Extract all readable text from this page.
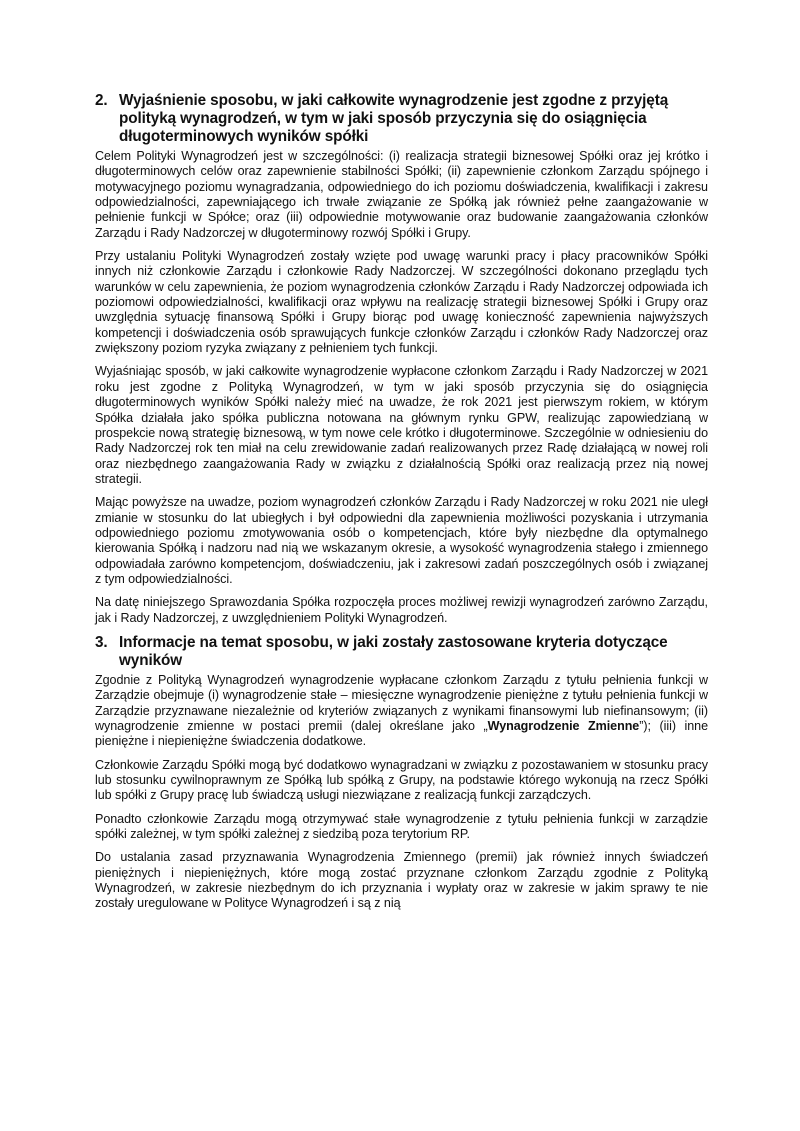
2. Wyjaśnienie sposobu, w jaki całkowite wynagrodzenie jest zgodne z przyjętą polityką wynagrodzeń, w tym w jaki sposób przyczynia się do osiągnięcia długoterminowych wyników spółki

Celem Polityki Wynagrodzeń jest w szczególności: (i) realizacja strategii biznesowej Spółki oraz jej krótko i długoterminowych celów oraz zapewnienie stabilności Spółki; (ii) zapewnienie członkom Zarządu spójnego i motywacyjnego poziomu wynagradzania, odpowiedniego do ich poziomu doświadczenia, kwalifikacji i zakresu odpowiedzialności, zapewniającego ich trwałe związanie ze Spółką jak również pełne zaangażowanie w pełnienie funkcji w Spółce; oraz (iii) odpowiednie motywowanie oraz budowanie zaangażowania członków Zarządu i Rady Nadzorczej w długoterminowy rozwój Spółki i Grupy.

Przy ustalaniu Polityki Wynagrodzeń zostały wzięte pod uwagę warunki pracy i płacy pracowników Spółki innych niż członkowie Zarządu i członkowie Rady Nadzorczej. W szczególności dokonano przeglądu tych warunków w celu zapewnienia, że poziom wynagrodzenia członków Zarządu i Rady Nadzorczej odpowiada ich poziomowi odpowiedzialności, kwalifikacji oraz wpływu na realizację strategii biznesowej Spółki i Grupy oraz uwzględnia sytuację finansową Spółki i Grupy biorąc pod uwagę konieczność zapewnienia najwyższych kompetencji i doświadczenia osób sprawujących funkcje członków Zarządu i członków Rady Nadzorczej oraz zwiększony poziom ryzyka związany z pełnieniem tych funkcji.

Wyjaśniając sposób, w jaki całkowite wynagrodzenie wypłacone członkom Zarządu i Rady Nadzorczej w 2021 roku jest zgodne z Polityką Wynagrodzeń, w tym w jaki sposób przyczynia się do osiągnięcia długoterminowych wyników Spółki należy mieć na uwadze, że rok 2021 jest pierwszym rokiem, w którym Spółka działała jako spółka publiczna notowana na głównym rynku GPW, realizując zapowiedzianą w prospekcie nową strategię biznesową, w tym nowe cele krótko i długoterminowe. Szczególnie w odniesieniu do Rady Nadzorczej rok ten miał na celu zrewidowanie zadań realizowanych przez Radę działającą w nowej roli oraz niezbędnego zaangażowania Rady w związku z działalnością Spółki oraz realizacją przez nią nowej strategii.

Mając powyższe na uwadze, poziom wynagrodzeń członków Zarządu i Rady Nadzorczej w roku 2021 nie uległ zmianie w stosunku do lat ubiegłych i był odpowiedni dla zapewnienia możliwości pozyskania i utrzymania odpowiedniego poziomu zmotywowania osób o kompetencjach, które były niezbędne dla optymalnego kierowania Spółką i nadzoru nad nią we wskazanym okresie, a wysokość wynagrodzenia stałego i zmiennego odpowiadała zarówno kompetencjom, doświadczeniu, jak i zakresowi zadań poszczególnych osób i związanej z tym odpowiedzialności.

Na datę niniejszego Sprawozdania Spółka rozpoczęła proces możliwej rewizji wynagrodzeń zarówno Zarządu, jak i Rady Nadzorczej, z uwzględnieniem Polityki Wynagrodzeń.

3. Informacje na temat sposobu, w jaki zostały zastosowane kryteria dotyczące wyników

Zgodnie z Polityką Wynagrodzeń wynagrodzenie wypłacane członkom Zarządu z tytułu pełnienia funkcji w Zarządzie obejmuje (i) wynagrodzenie stałe – miesięczne wynagrodzenie pieniężne z tytułu pełnienia funkcji w Zarządzie przyznawane niezależnie od kryteriów związanych z wynikami finansowymi lub niefinansowym; (ii) wynagrodzenie zmienne w postaci premii (dalej określane jako „Wynagrodzenie Zmienne”); (iii) inne pieniężne i niepieniężne świadczenia dodatkowe.

Członkowie Zarządu Spółki mogą być dodatkowo wynagradzani w związku z pozostawaniem w stosunku pracy lub stosunku cywilnoprawnym ze Spółką lub spółką z Grupy, na podstawie którego wykonują na rzecz Spółki lub spółki z Grupy pracę lub świadczą usługi niezwiązane z realizacją funkcji zarządczych.

Ponadto członkowie Zarządu mogą otrzymywać stałe wynagrodzenie z tytułu pełnienia funkcji w zarządzie spółki zależnej, w tym spółki zależnej z siedzibą poza terytorium RP.

Do ustalania zasad przyznawania Wynagrodzenia Zmiennego (premii) jak również innych świadczeń pieniężnych i niepieniężnych, które mogą zostać przyznane członkom Zarządu zgodnie z Polityką Wynagrodzeń, w zakresie niezbędnym do ich przyznania i wypłaty oraz w zakresie w jakim sprawy te nie zostały uregulowane w Polityce Wynagrodzeń i są z nią
